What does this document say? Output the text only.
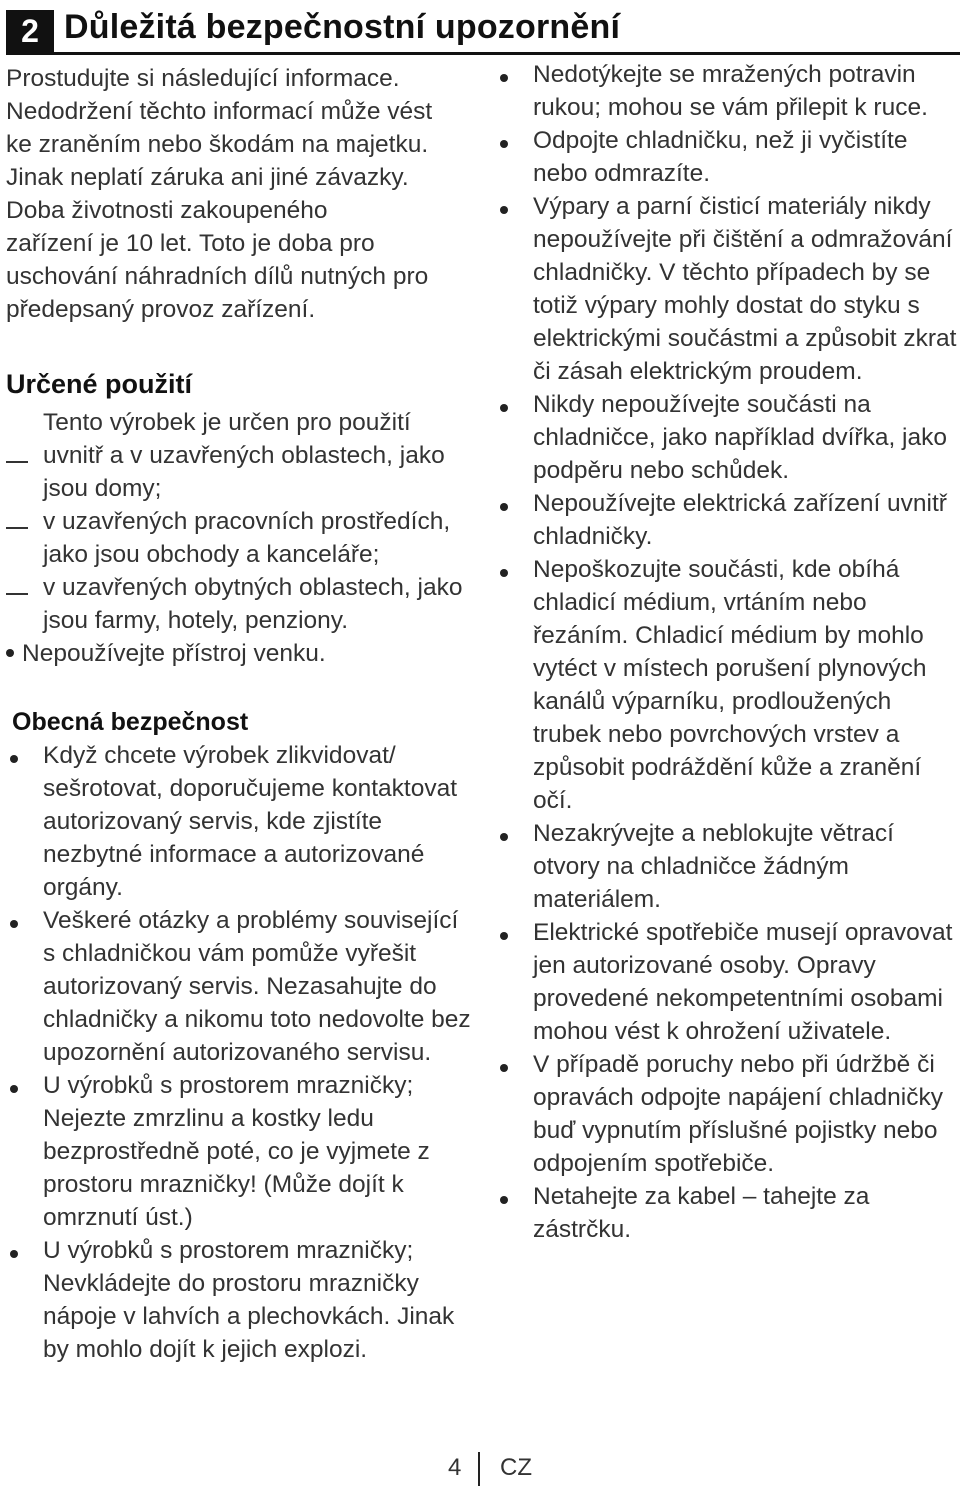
2 Důležitá bezpečnostní upozornění

Prostudujte si následující informace.

Nedodržení těchto informací může vést

ke zraněním nebo škodám na majetku.

Jinak neplatí záruka ani jiné závazky.

Doba životnosti zakoupeného

zařízení je 10 let. Toto je doba pro

uschování náhradních dílů nutných pro

předepsaný provoz zařízení.

Určené použití

Tento výrobek je určen pro použití

uvnitř a v uzavřených oblastech, jako jsou domy;
v uzavřených pracovních prostředích, jako jsou obchody a kanceláře;
v uzavřených obytných oblastech, jako jsou farmy, hotely, penziony.

Nepoužívejte přístroj venku.

Obecná bezpečnost
Když chcete výrobek zlikvidovat/ sešrotovat, doporučujeme kontaktovat autorizovaný servis, kde zjistíte nezbytné informace a autorizované orgány.
Veškeré otázky a problémy související s chladničkou vám pomůže vyřešit autorizovaný servis. Nezasahujte do chladničky a nikomu toto nedovolte bez upozornění autorizovaného servisu.
U výrobků s prostorem mrazničky; Nejezte zmrzlinu a kostky ledu bezprostředně poté, co je vyjmete z prostoru mrazničky! (Může dojít k omrznutí úst.)
U výrobků s prostorem mrazničky; Nevkládejte do prostoru mrazničky nápoje v lahvích a plechovkách. Jinak by mohlo dojít k jejich explozi.
Nedotýkejte se mražených potravin rukou; mohou se vám přilepit k ruce.
Odpojte chladničku, než ji vyčistíte nebo odmrazíte.
Výpary a parní čisticí materiály nikdy nepoužívejte při čištění a odmražování chladničky. V těchto případech by se totiž výpary mohly dostat do styku s elektrickými součástmi a způsobit zkrat či zásah elektrickým proudem.
Nikdy nepoužívejte součásti na chladničce, jako například dvířka, jako podpěru nebo schůdek.
Nepoužívejte elektrická zařízení uvnitř chladničky.
Nepoškozujte součásti, kde obíhá chladicí médium, vrtáním nebo řezáním. Chladicí médium by mohlo vytéct v místech porušení plynových kanálů výparníku, prodloužených trubek nebo povrchových vrstev a způsobit podráždění kůže a zranění očí.
Nezakrývejte a neblokujte větrací otvory na chladničce žádným materiálem.
Elektrické spotřebiče musejí opravovat jen autorizované osoby. Opravy provedené nekompetentními osobami mohou vést k ohrožení uživatele.
V případě poruchy nebo při údržbě či opravách odpojte napájení chladničky buď vypnutím příslušné pojistky nebo odpojením spotřebiče.
Netahejte za kabel – tahejte za zástrčku.
4 CZ
